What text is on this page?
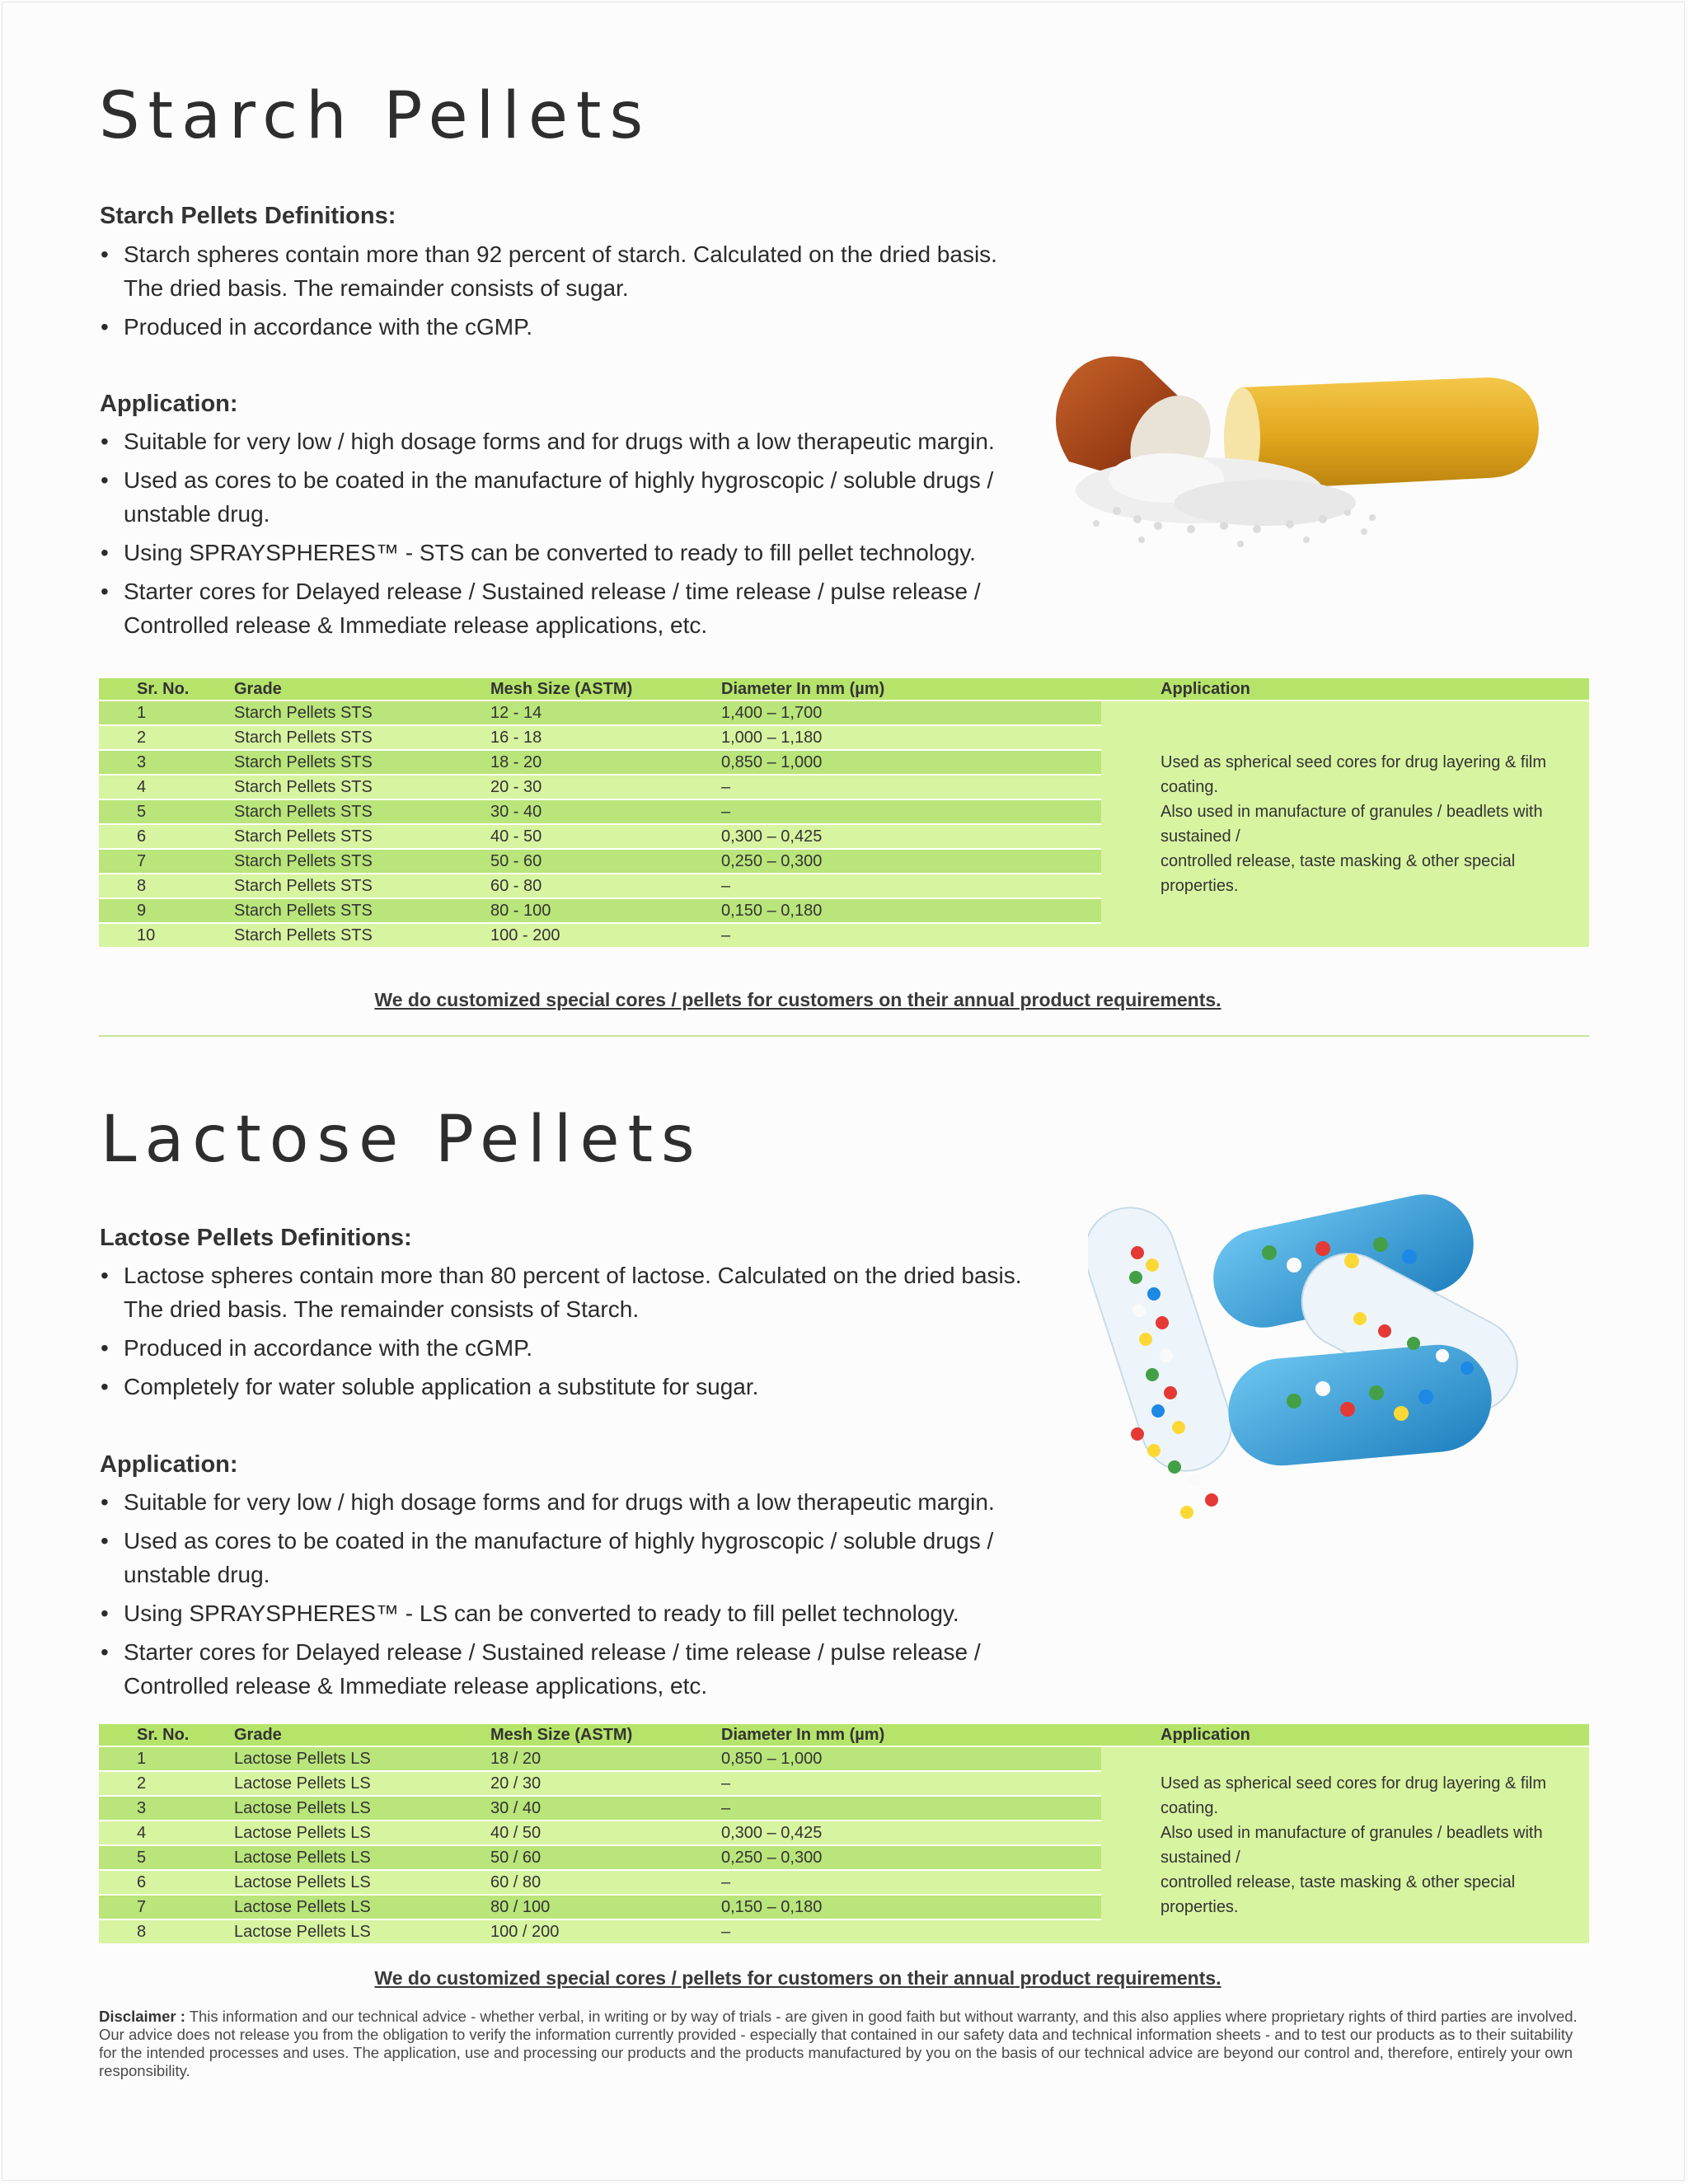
Starch Pellets
Starch Pellets Definitions:
• Starch spheres contain more than 92 percent of starch. Calculated on the dried basis. The dried basis. The remainder consists of sugar.
• Produced in accordance with the cGMP.
Application:
• Suitable for very low / high dosage forms and for drugs with a low therapeutic margin.
• Used as cores to be coated in the manufacture of highly hygroscopic / soluble drugs / unstable drug.
• Using SPRAYSPHERES™ - STS can be converted to ready to fill pellet technology.
• Starter cores for Delayed release / Sustained release / time release / pulse release / Controlled release & Immediate release applications, etc.
Sr. No.	Grade	Mesh Size (ASTM)	Diameter In mm (µm)	Application
1	Starch Pellets STS	12 - 14	1,400 – 1,700	Used as spherical seed cores for drug layering & film coating.
Also used in manufacture of granules / beadlets with sustained /
controlled release, taste masking & other special properties.

2	Starch Pellets STS	16 - 18	1,000 – 1,180	
3	Starch Pellets STS	18 - 20	0,850 – 1,000	
4	Starch Pellets STS	20 - 30	–	
5	Starch Pellets STS	30 - 40	–	
6	Starch Pellets STS	40 - 50	0,300 – 0,425	
7	Starch Pellets STS	50 - 60	0,250 – 0,300	
8	Starch Pellets STS	60 - 80	–	
9	Starch Pellets STS	80 - 100	0,150 – 0,180	
10	Starch Pellets STS	100 - 200	–	
We do customized special cores / pellets for customers on their annual product requirements.
Lactose Pellets
Lactose Pellets Definitions:
• Lactose spheres contain more than 80 percent of lactose. Calculated on the dried basis. The dried basis. The remainder consists of Starch.
• Produced in accordance with the cGMP.
• Completely for water soluble application a substitute for sugar.
Application:
• Suitable for very low / high dosage forms and for drugs with a low therapeutic margin.
• Used as cores to be coated in the manufacture of highly hygroscopic / soluble drugs / unstable drug.
• Using SPRAYSPHERES™ - LS can be converted to ready to fill pellet technology.
• Starter cores for Delayed release / Sustained release / time release / pulse release / Controlled release & Immediate release applications, etc.
Sr. No.	Grade	Mesh Size (ASTM)	Diameter In mm (µm)	Application
1	Lactose Pellets LS	18 / 20	0,850 – 1,000	Used as spherical seed cores for drug layering & film coating.
Also used in manufacture of granules / beadlets with sustained /
controlled release, taste masking & other special properties.

2	Lactose Pellets LS	20 / 30	–	
3	Lactose Pellets LS	30 / 40	–	
4	Lactose Pellets LS	40 / 50	0,300 – 0,425	
5	Lactose Pellets LS	50 / 60	0,250 – 0,300	
6	Lactose Pellets LS	60 / 80	–	
7	Lactose Pellets LS	80 / 100	0,150 – 0,180	
8	Lactose Pellets LS	100 / 200	–	
We do customized special cores / pellets for customers on their annual product requirements.
Disclaimer : This information and our technical advice - whether verbal, in writing or by way of trials - are given in good faith but without warranty, and this also applies where proprietary rights of third parties are involved. Our advice does not release you from the obligation to verify the information currently provided - especially that contained in our safety data and technical information sheets - and to test our products as to their suitability for the intended processes and uses. The application, use and processing our products and the products manufactured by you on the basis of our technical advice are beyond our control and, therefore, entirely your own responsibility.
